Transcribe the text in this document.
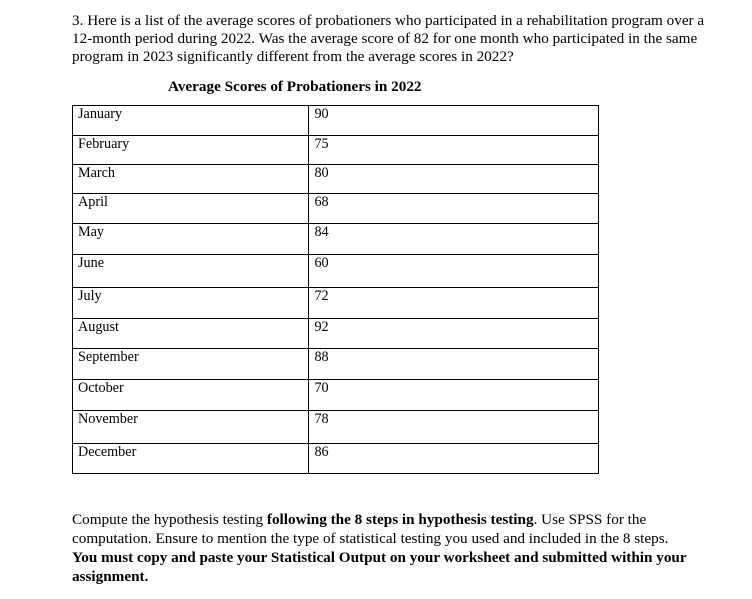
3. Here is a list of the average scores of probationers who participated in a rehabilitation program over a 12-month period during 2022. Was the average score of 82 for one month who participated in the same program in 2023 significantly different from the average scores in 2022?

Average Scores of Probationers in 2022

January	90
February	75
March	80
April	68
May	84
June	60
July	72
August	92
September	88
October	70
November	78
December	86

Compute the hypothesis testing following the 8 steps in hypothesis testing. Use SPSS for the computation. Ensure to mention the type of statistical testing you used and included in the 8 steps. You must copy and paste your Statistical Output on your worksheet and submitted within your assignment.
